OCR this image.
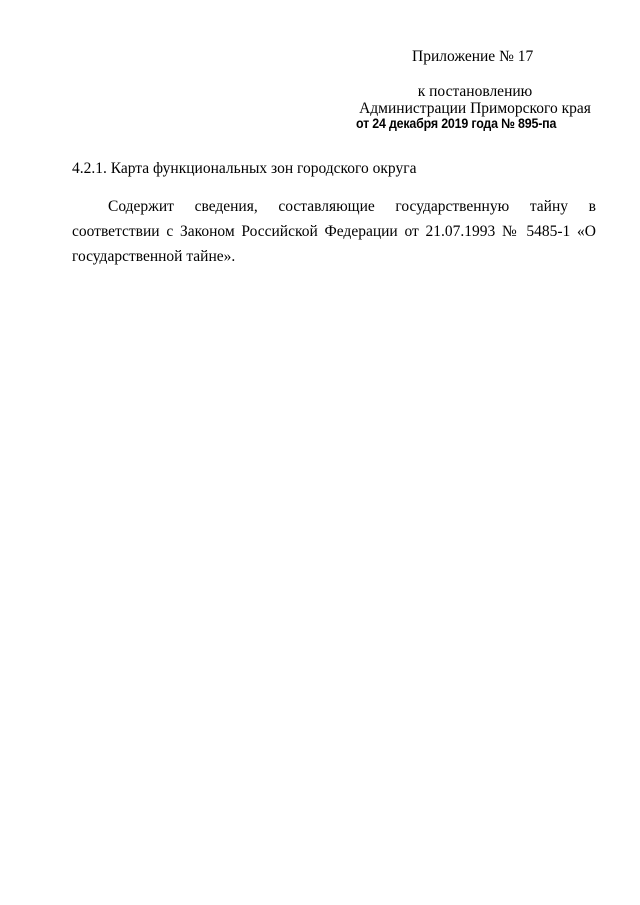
Приложение № 17
к постановлению
Администрации Приморского края
от 24 декабря 2019 года № 895-па
4.2.1. Карта функциональных зон городского округа

Содержит сведения, составляющие государственную тайну в соответствии с Законом Российской Федерации от 21.07.1993 № 5485-1 «О государственной тайне».
